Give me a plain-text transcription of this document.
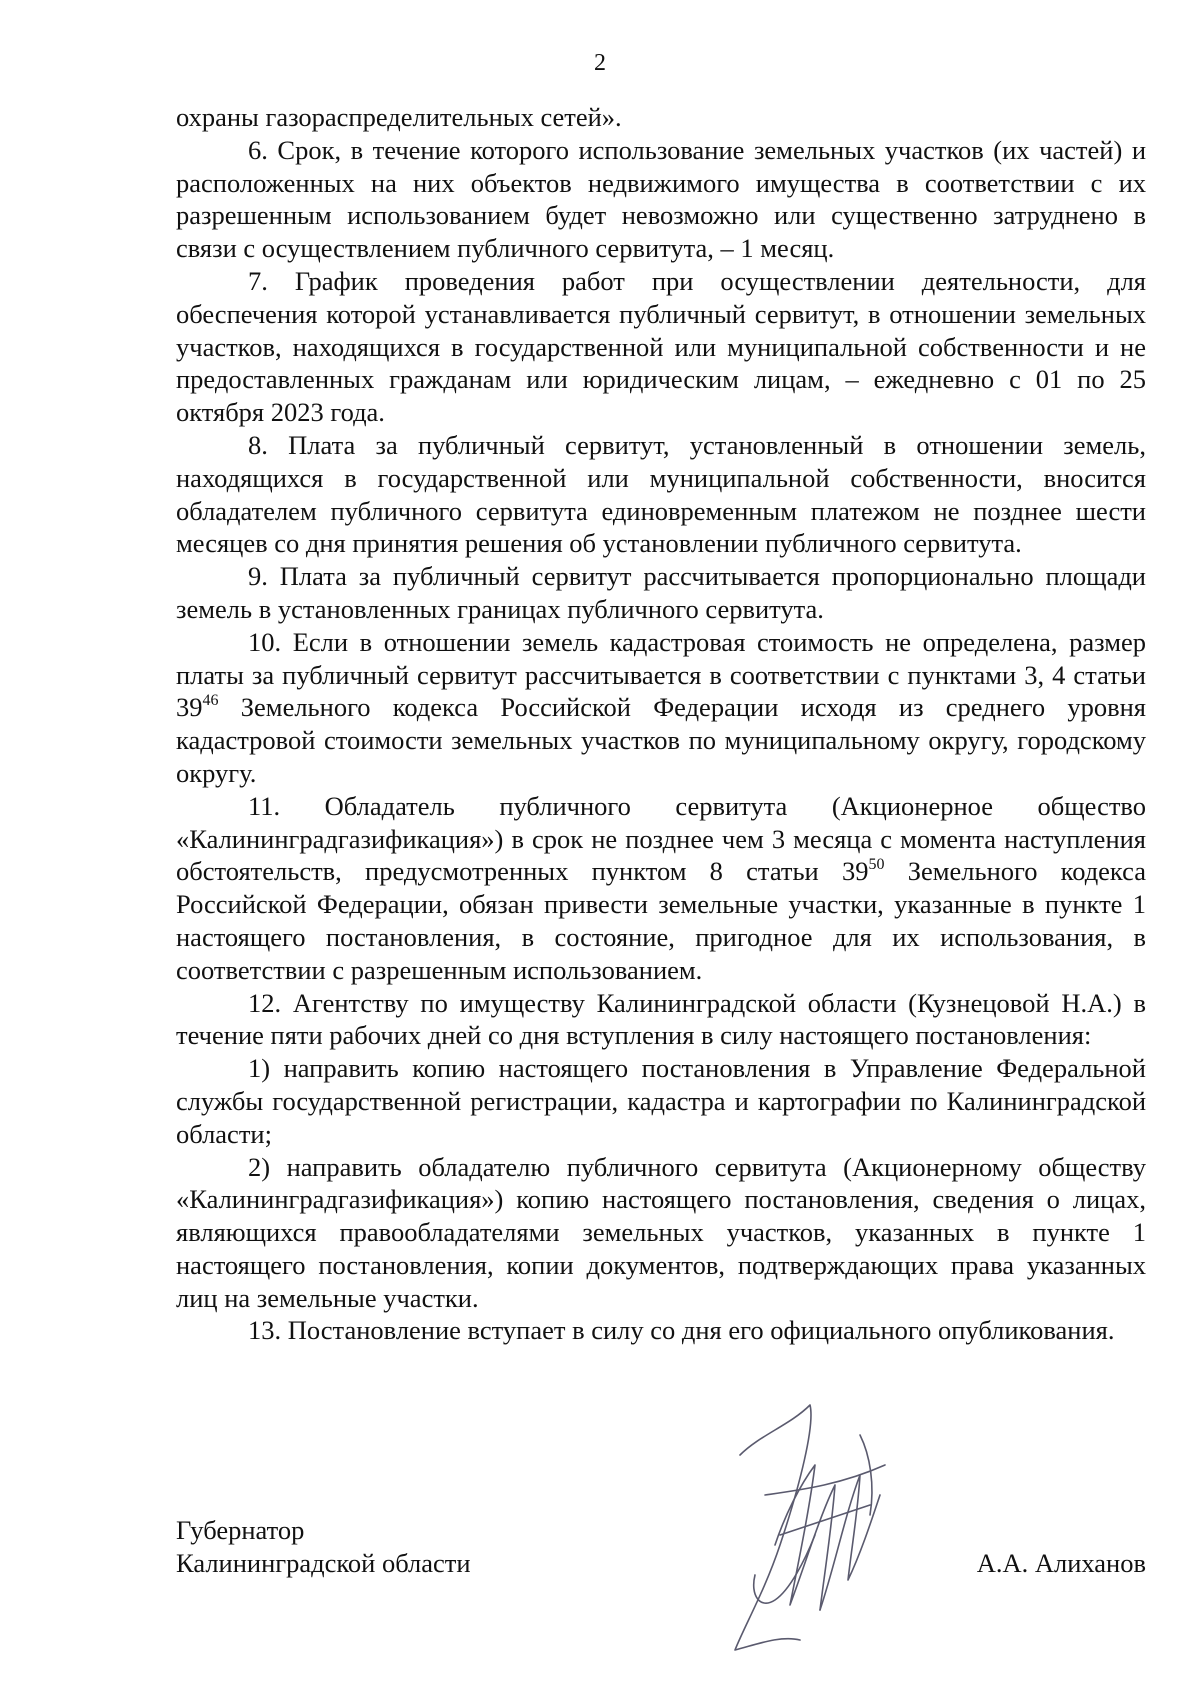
2

охраны газораспределительных сетей».

6. Срок, в течение которого использование земельных участков (их частей) и расположенных на них объектов недвижимого имущества в соответствии с их разрешенным использованием будет невозможно или существенно затруднено в связи с осуществлением публичного сервитута, – 1 месяц.

7. График проведения работ при осуществлении деятельности, для обеспечения которой устанавливается публичный сервитут, в отношении земельных участков, находящихся в государственной или муниципальной собственности и не предоставленных гражданам или юридическим лицам, – ежедневно с 01 по 25 октября 2023 года.

8. Плата за публичный сервитут, установленный в отношении земель, находящихся в государственной или муниципальной собственности, вносится обладателем публичного сервитута единовременным платежом не позднее шести месяцев со дня принятия решения об установлении публичного сервитута.

9. Плата за публичный сервитут рассчитывается пропорционально площади земель в установленных границах публичного сервитута.

10. Если в отношении земель кадастровая стоимость не определена, размер платы за публичный сервитут рассчитывается в соответствии с пунктами 3, 4 статьи $39^{46}$ Земельного кодекса Российской Федерации исходя из среднего уровня кадастровой стоимости земельных участков по муниципальному округу, городскому округу.

11. Обладатель публичного сервитута (Акционерное общество «Калининградгазификация») в срок не позднее чем 3 месяца с момента наступления обстоятельств, предусмотренных пунктом 8 статьи $39^{50}$ Земельного кодекса Российской Федерации, обязан привести земельные участки, указанные в пункте 1 настоящего постановления, в состояние, пригодное для их использования, в соответствии с разрешенным использованием.

12. Агентству по имуществу Калининградской области (Кузнецовой Н.А.) в течение пяти рабочих дней со дня вступления в силу настоящего постановления:

1) направить копию настоящего постановления в Управление Федеральной службы государственной регистрации, кадастра и картографии по Калининградской области;

2) направить обладателю публичного сервитута (Акционерному обществу «Калининградгазификация») копию настоящего постановления, сведения о лицах, являющихся правообладателями земельных участков, указанных в пункте 1 настоящего постановления, копии документов, подтверждающих права указанных лиц на земельные участки.

13. Постановление вступает в силу со дня его официального опубликования.

Губернатор
Калининградской области	А.А. Алиханов
